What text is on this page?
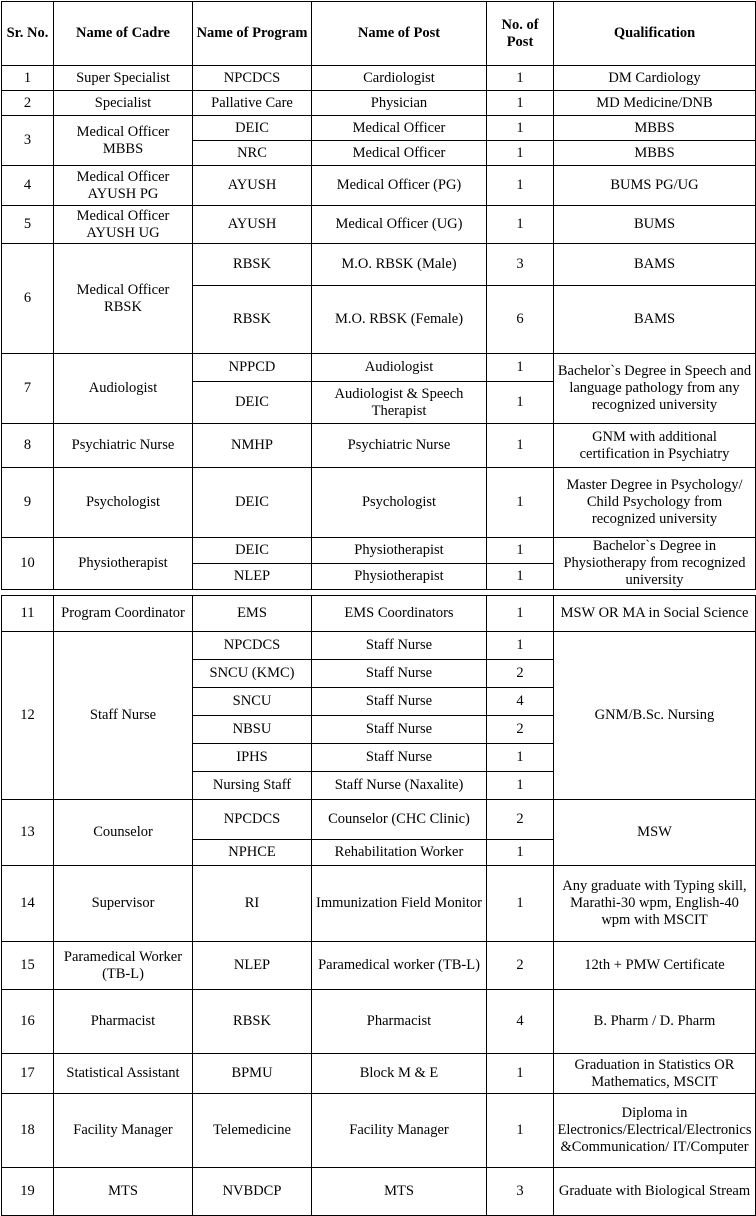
Sr. No.	Name of Cadre	Name of Program	Name of Post	No. of Post	Qualification
1	Super Specialist	NPCDCS	Cardiologist	1	DM Cardiology
2	Specialist	Pallative Care	Physician	1	MD Medicine/DNB
3	Medical Officer MBBS	DEIC	Medical Officer	1	MBBS
		NRC	Medical Officer	1	MBBS
4	Medical Officer AYUSH PG	AYUSH	Medical Officer (PG)	1	BUMS PG/UG
5	Medical Officer AYUSH UG	AYUSH	Medical Officer (UG)	1	BUMS
6	Medical Officer RBSK	RBSK	M.O. RBSK (Male)	3	BAMS
		RBSK	M.O. RBSK (Female)	6	BAMS
7	Audiologist	NPPCD	Audiologist	1	Bachelor`s Degree in Speech and language pathology from any recognized university
		DEIC	Audiologist & Speech Therapist	1	
8	Psychiatric Nurse	NMHP	Psychiatric Nurse	1	GNM with additional certification in Psychiatry
9	Psychologist	DEIC	Psychologist	1	Master Degree in Psychology/ Child Psychology from recognized university
10	Physiotherapist	DEIC	Physiotherapist	1	Bachelor`s Degree in Physiotherapy from recognized university
		NLEP	Physiotherapist	1	
11	Program Coordinator	EMS	EMS Coordinators	1	MSW OR MA in Social Science
12	Staff Nurse	NPCDCS	Staff Nurse	1	GNM/B.Sc. Nursing
		SNCU (KMC)	Staff Nurse	2	
		SNCU	Staff Nurse	4	
		NBSU	Staff Nurse	2	
		IPHS	Staff Nurse	1	
		Nursing Staff	Staff Nurse (Naxalite)	1	
13	Counselor	NPCDCS	Counselor (CHC Clinic)	2	MSW
		NPHCE	Rehabilitation Worker	1	
14	Supervisor	RI	Immunization Field Monitor	1	Any graduate with Typing skill, Marathi-30 wpm, English-40 wpm with MSCIT
15	Paramedical Worker (TB-L)	NLEP	Paramedical worker (TB-L)	2	12th + PMW Certificate
16	Pharmacist	RBSK	Pharmacist	4	B. Pharm / D. Pharm
17	Statistical Assistant	BPMU	Block M & E	1	Graduation in Statistics OR Mathematics, MSCIT
18	Facility Manager	Telemedicine	Facility Manager	1	Diploma in Electronics/Electrical/Electronics &Communication/ IT/Computer
19	MTS	NVBDCP	MTS	3	Graduate with Biological Stream
